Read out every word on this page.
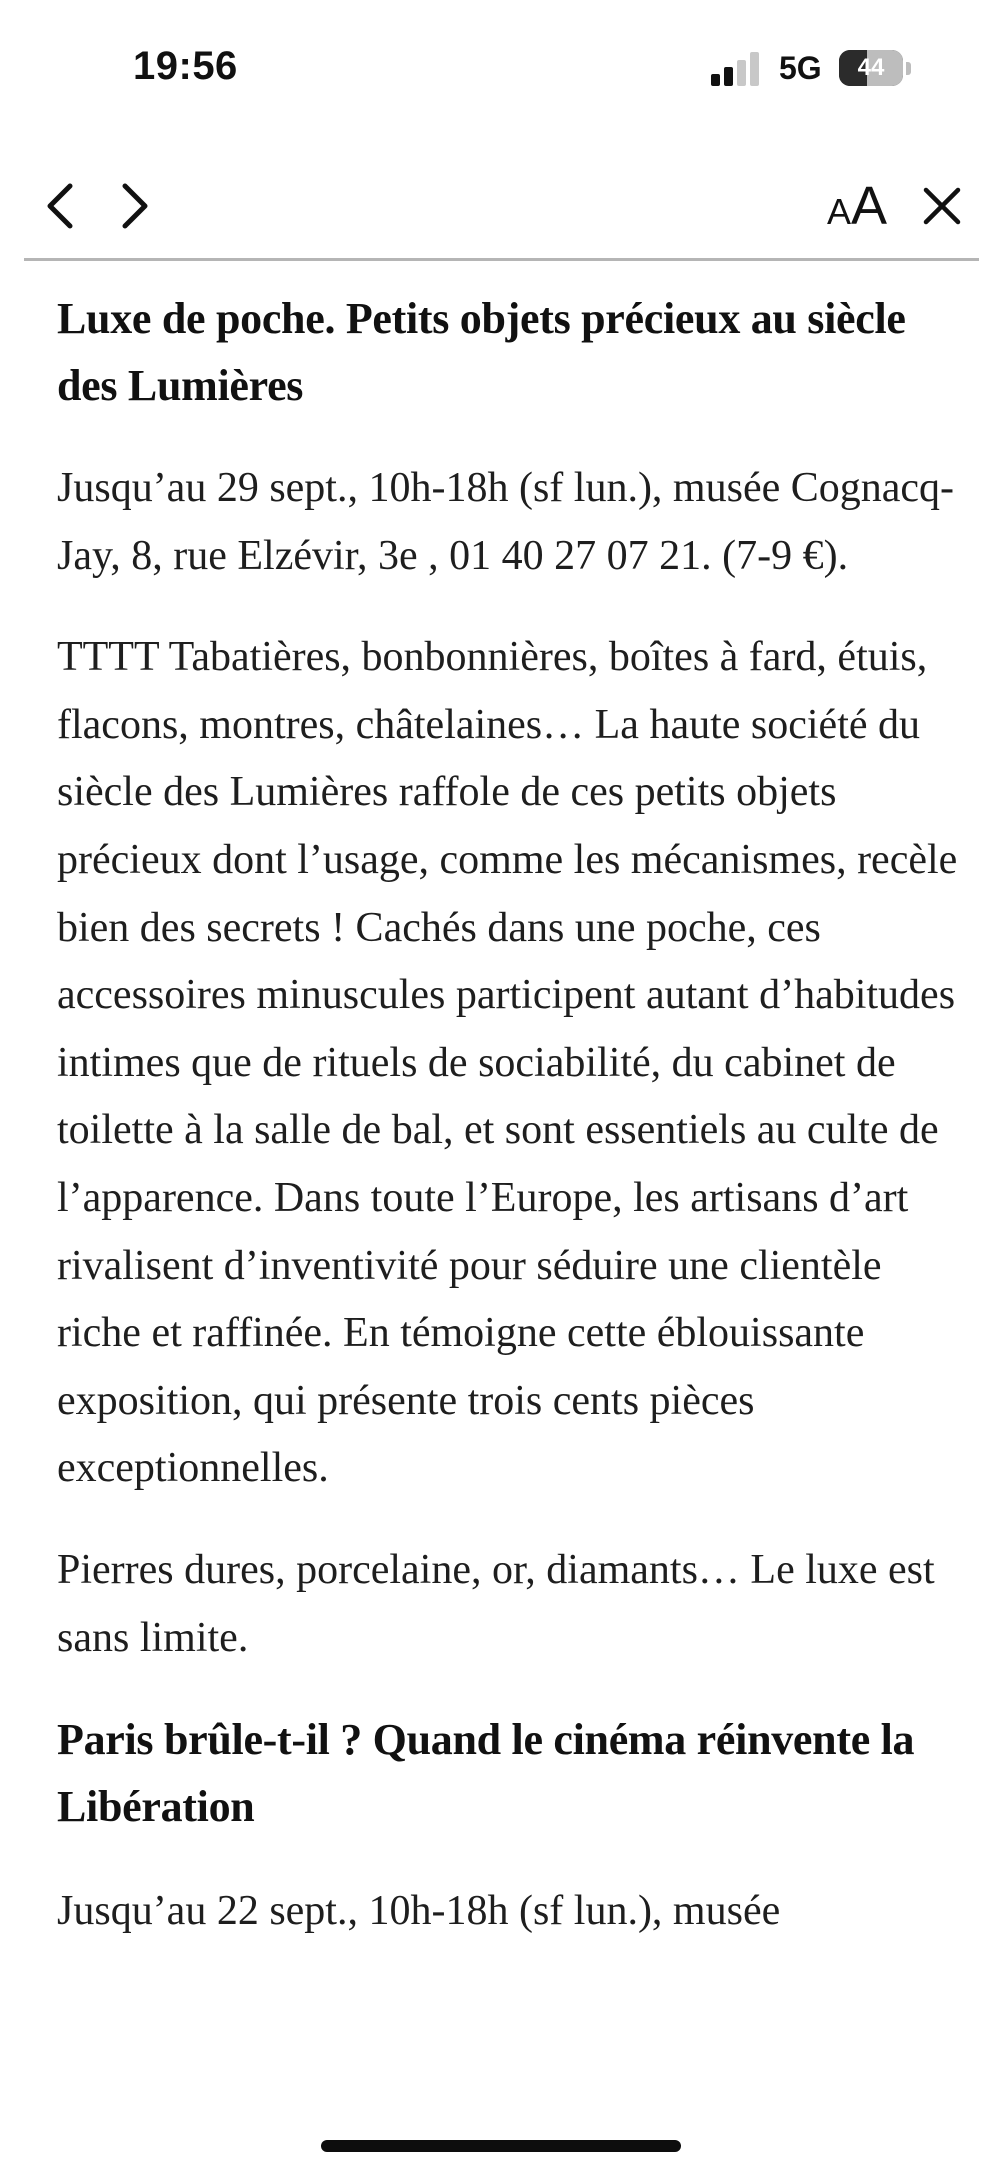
19:56	5G	44
AA
Luxe de poche. Petits objets précieux au siècle des Lumières

Jusqu’au 29 sept., 10h-18h (sf lun.), musée Cognacq-Jay, 8, rue Elzévir, 3e , 01 40 27 07 21. (7-9 €).

TTTT Tabatières, bonbonnières, boîtes à fard, étuis, flacons, montres, châtelaines… La haute société du siècle des Lumières raffole de ces petits objets précieux dont l’usage, comme les mécanismes, recèle bien des secrets ! Cachés dans une poche, ces accessoires minuscules participent autant d’habitudes intimes que de rituels de sociabilité, du cabinet de toilette à la salle de bal, et sont essentiels au culte de l’apparence. Dans toute l’Europe, les artisans d’art rivalisent d’inventivité pour séduire une clientèle riche et raffinée. En témoigne cette éblouissante exposition, qui présente trois cents pièces exceptionnelles.

Pierres dures, porcelaine, or, diamants… Le luxe est sans limite.

Paris brûle-t-il ? Quand le cinéma réinvente la Libération

Jusqu’au 22 sept., 10h-18h (sf lun.), musée
